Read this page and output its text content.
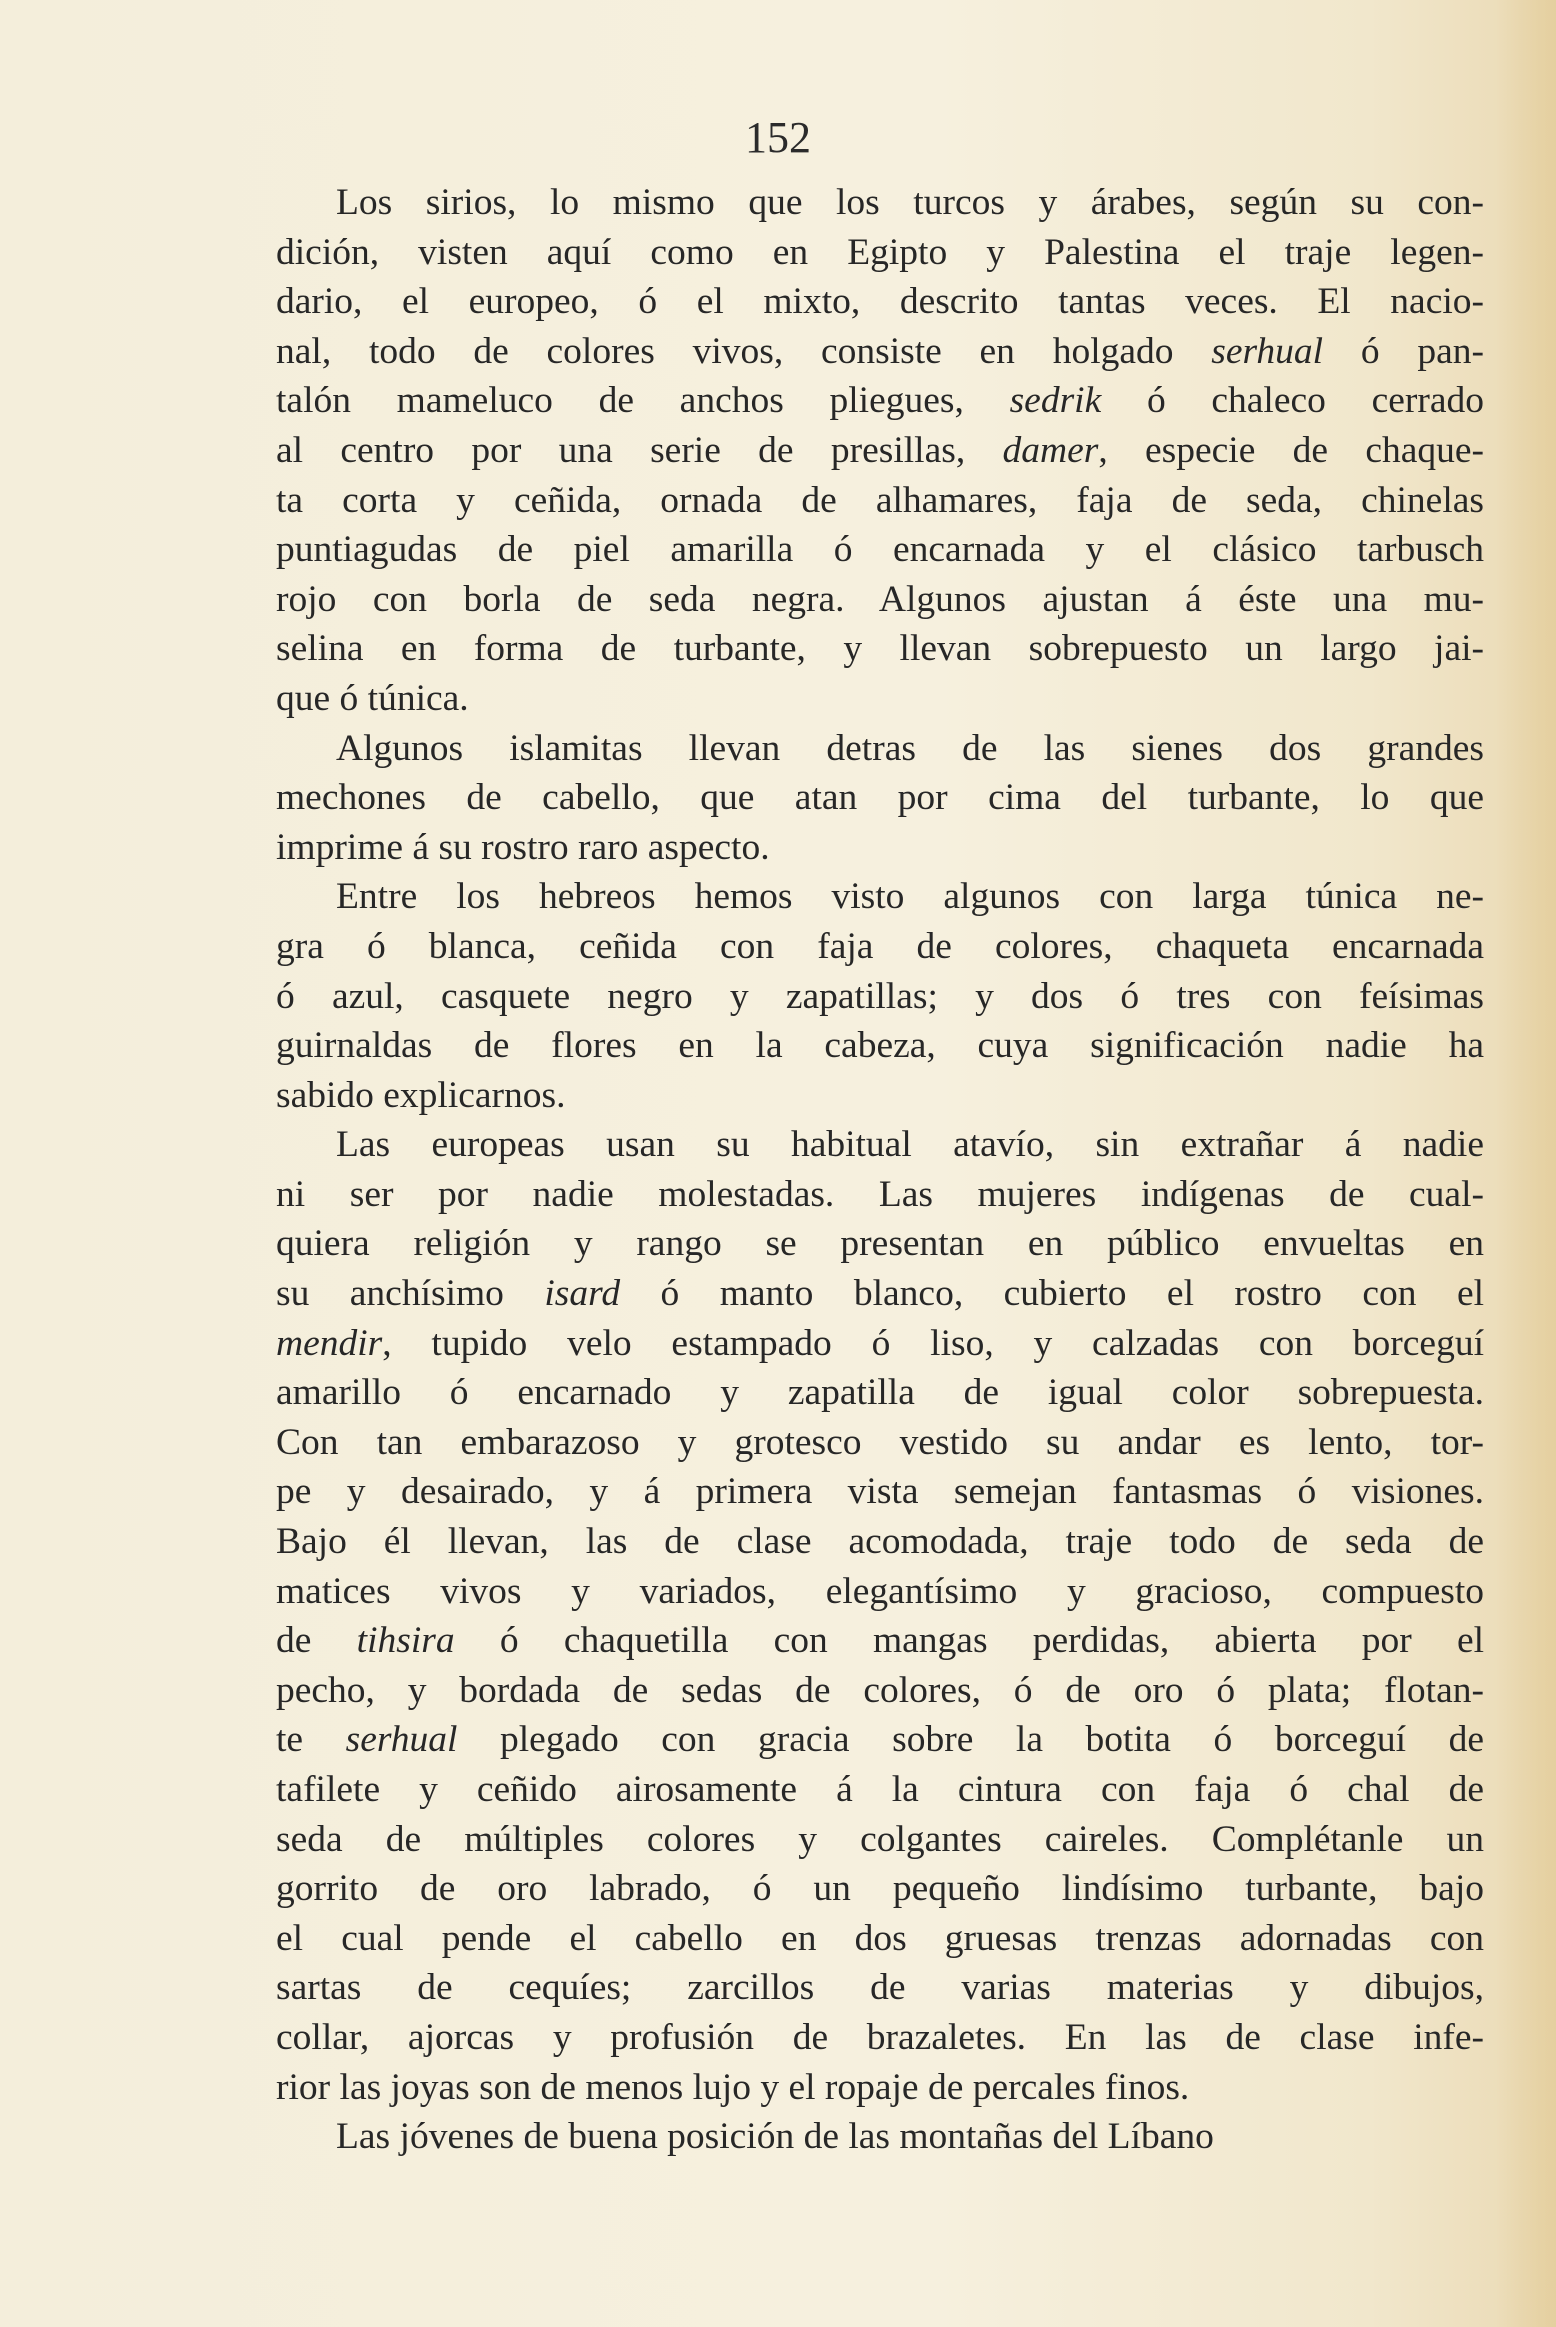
152
Los sirios, lo mismo que los turcos y árabes, según su con-
dición, visten aquí como en Egipto y Palestina el traje legen-
dario, el europeo, ó el mixto, descrito tantas veces. El nacio-
nal, todo de colores vivos, consiste en holgado serhual ó pan-
talón mameluco de anchos pliegues, sedrik ó chaleco cerrado
al centro por una serie de presillas, damer, especie de chaque-
ta corta y ceñida, ornada de alhamares, faja de seda, chinelas
puntiagudas de piel amarilla ó encarnada y el clásico tarbusch
rojo con borla de seda negra. Algunos ajustan á éste una mu-
selina en forma de turbante, y llevan sobrepuesto un largo jai-
que ó túnica.
Algunos islamitas llevan detras de las sienes dos grandes
mechones de cabello, que atan por cima del turbante, lo que
imprime á su rostro raro aspecto.
Entre los hebreos hemos visto algunos con larga túnica ne-
gra ó blanca, ceñida con faja de colores, chaqueta encarnada
ó azul, casquete negro y zapatillas; y dos ó tres con feísimas
guirnaldas de flores en la cabeza, cuya significación nadie ha
sabido explicarnos.
Las europeas usan su habitual atavío, sin extrañar á nadie
ni ser por nadie molestadas. Las mujeres indígenas de cual-
quiera religión y rango se presentan en público envueltas en
su anchísimo isard ó manto blanco, cubierto el rostro con el
mendir, tupido velo estampado ó liso, y calzadas con borceguí
amarillo ó encarnado y zapatilla de igual color sobrepuesta.
Con tan embarazoso y grotesco vestido su andar es lento, tor-
pe y desairado, y á primera vista semejan fantasmas ó visiones.
Bajo él llevan, las de clase acomodada, traje todo de seda de
matices vivos y variados, elegantísimo y gracioso, compuesto
de tihsira ó chaquetilla con mangas perdidas, abierta por el
pecho, y bordada de sedas de colores, ó de oro ó plata; flotan-
te serhual plegado con gracia sobre la botita ó borceguí de
tafilete y ceñido airosamente á la cintura con faja ó chal de
seda de múltiples colores y colgantes caireles. Complétanle un
gorrito de oro labrado, ó un pequeño lindísimo turbante, bajo
el cual pende el cabello en dos gruesas trenzas adornadas con
sartas de cequíes; zarcillos de varias materias y dibujos,
collar, ajorcas y profusión de brazaletes. En las de clase infe-
rior las joyas son de menos lujo y el ropaje de percales finos.
Las jóvenes de buena posición de las montañas del Líbano
